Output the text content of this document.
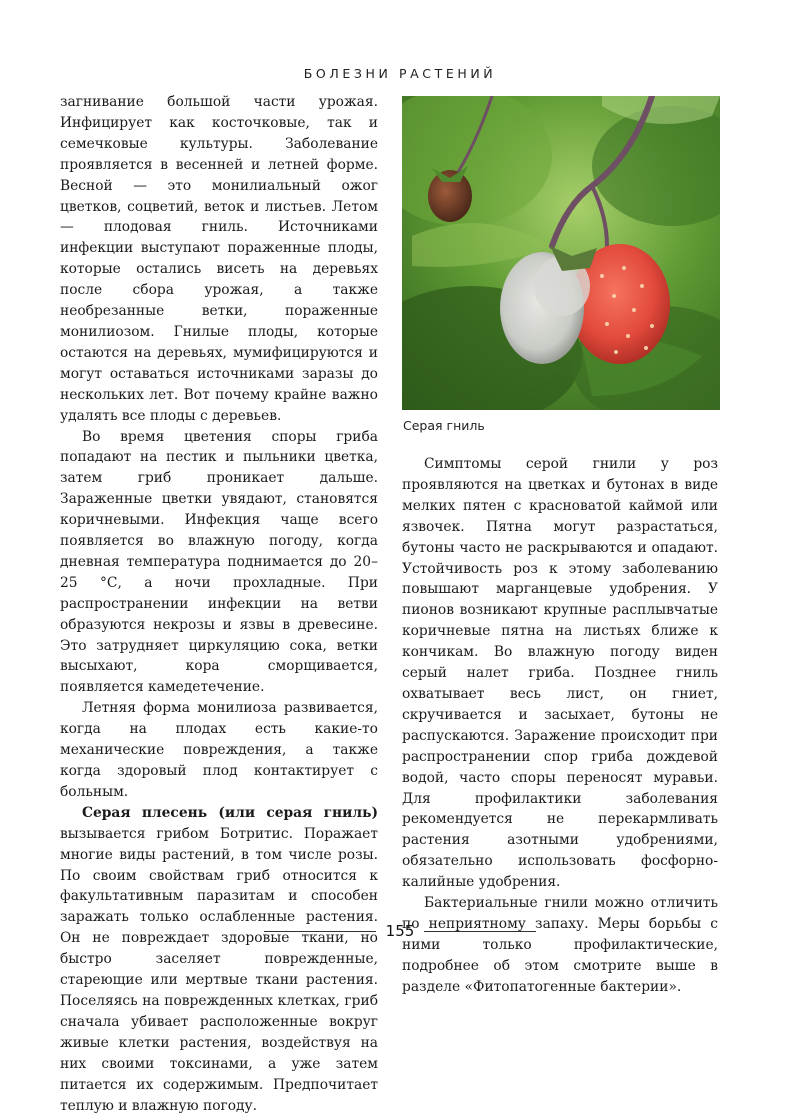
БОЛЕЗНИ РАСТЕНИЙ

загнивание большой части урожая. Инфицирует как косточковые, так и семечковые культуры. Заболевание проявляется в весенней и летней форме. Весной — это монилиальный ожог цветков, соцветий, веток и листьев. Летом — плодовая гниль. Источниками инфекции выступают пораженные плоды, которые остались висеть на деревьях после сбора урожая, а также необрезанные ветки, пораженные монилиозом. Гнилые плоды, которые остаются на деревьях, мумифицируются и могут оставаться источниками заразы до нескольких лет. Вот почему крайне важно удалять все плоды с деревьев.

Во время цветения споры гриба попадают на пестик и пыльники цветка, затем гриб проникает дальше. Зараженные цветки увядают, становятся коричневыми. Инфекция чаще всего появляется во влажную погоду, когда дневная температура поднимается до 20–25 °С, а ночи прохладные. При распространении инфекции на ветви образуются некрозы и язвы в древесине. Это затрудняет циркуляцию сока, ветки высыхают, кора сморщивается, появляется камедетечение.

Летняя форма монилиоза развивается, когда на плодах есть какие-то механические повреждения, а также когда здоровый плод контактирует с больным.

Серая плесень (или серая гниль) вызывается грибом Ботритис. Поражает многие виды растений, в том числе розы. По своим свойствам гриб относится к факультативным паразитам и способен заражать только ослабленные растения. Он не повреждает здоровые ткани, но быстро заселяет поврежденные, стареющие или мертвые ткани растения. Поселяясь на поврежденных клетках, гриб сначала убивает расположенные вокруг живые клетки растения, воздействуя на них своими токсинами, а уже затем питается их содержимым. Предпочитает теплую и влажную погоду.

Серая гниль

Симптомы серой гнили у роз проявляются на цветках и бутонах в виде мелких пятен с красноватой каймой или язвочек. Пятна могут разрастаться, бутоны часто не раскрываются и опадают. Устойчивость роз к этому заболеванию повышают марганцевые удобрения. У пионов возникают крупные расплывчатые коричневые пятна на листьях ближе к кончикам. Во влажную погоду виден серый налет гриба. Позднее гниль охватывает весь лист, он гниет, скручивается и засыхает, бутоны не распускаются. Заражение происходит при распространении спор гриба дождевой водой, часто споры переносят муравьи. Для профилактики заболевания рекомендуется не перекармливать растения азотными удобрениями, обязательно использовать фосфорно-калийные удобрения.

Бактериальные гнили можно отличить по неприятному запаху. Меры борьбы с ними только профилактические, подробнее об этом смотрите выше в разделе «Фитопатогенные бактерии».

155
